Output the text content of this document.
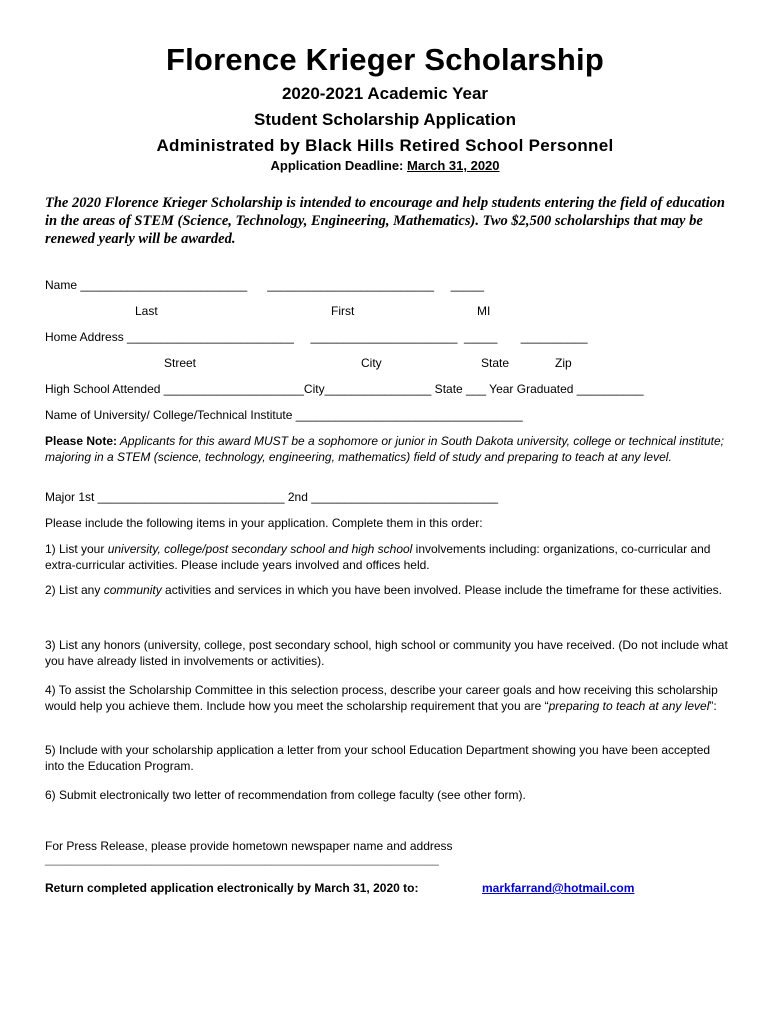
Florence Krieger Scholarship
2020-2021 Academic Year
Student Scholarship Application
Administrated by Black Hills Retired School Personnel
Application Deadline: March 31, 2020
The 2020 Florence Krieger Scholarship is intended to encourage and help students entering the field of education in the areas of STEM (Science, Technology, Engineering, Mathematics). Two $2,500 scholarships that may be renewed yearly will be awarded.
Name _________________________      _________________________     _____
Last	First	MI
Home Address _________________________     ______________________  _____       __________
Street	City	State	Zip
High School Attended _____________________City________________ State ___ Year Graduated __________
Name of University/ College/Technical Institute __________________________________
Please Note: Applicants for this award MUST be a sophomore or junior in South Dakota university, college or technical institute; majoring in a STEM (science, technology, engineering, mathematics) field of study and preparing to teach at any level.
Major 1st ____________________________ 2nd ____________________________
Please include the following items in your application. Complete them in this order:
1) List your university, college/post secondary school and high school involvements including: organizations, co-curricular and extra-curricular activities. Please include years involved and offices held.
2) List any community activities and services in which you have been involved. Please include the timeframe for these activities.
3) List any honors (university, college, post secondary school, high school or community you have received. (Do not include what you have already listed in involvements or activities).
4) To assist the Scholarship Committee in this selection process, describe your career goals and how receiving this scholarship would help you achieve them. Include how you meet the scholarship requirement that you are “preparing to teach at any level”:
5) Include with your scholarship application a letter from your school Education Department showing you have been accepted into the Education Program.
6) Submit electronically two letter of recommendation from college faculty (see other form).
For Press Release, please provide hometown newspaper name and address
___________________________________________________________
Return completed application electronically by March 31, 2020 to:	markfarrand@hotmail.com
